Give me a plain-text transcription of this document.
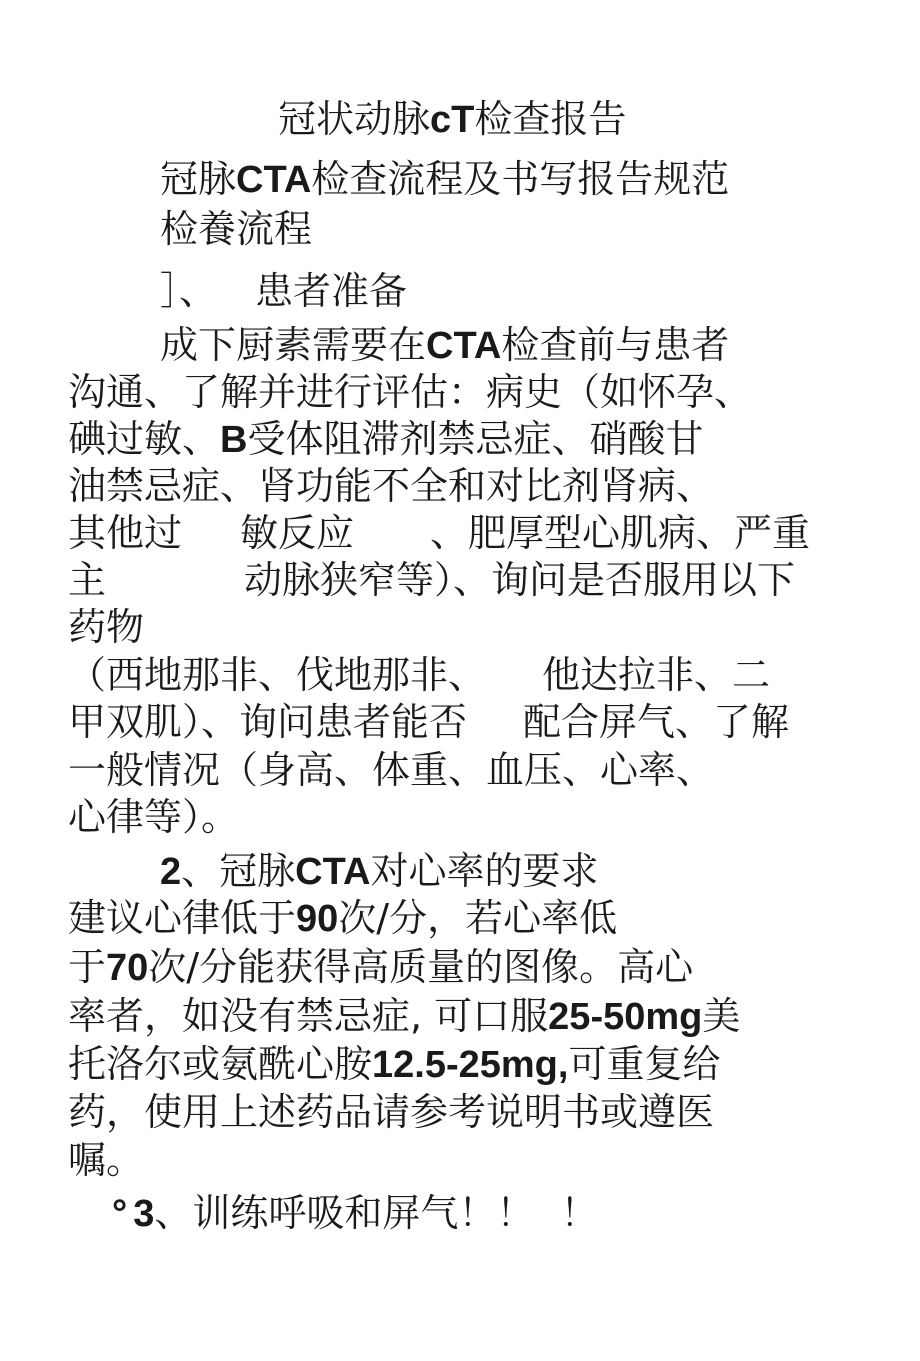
冠状动脉cT检查报告
冠脉CTA检查流程及书写报告规范
检養流程
］、 患者准备
成下厨素需要在CTA检查前与患者
沟通、了解并进行评估：病史（如怀孕、
碘过敏、B受体阻滞剂禁忌症、硝酸甘
油禁忌症、肾功能不全和对比剂肾病、
其他过 敏反应 、肥厚型心肌病、严重
主	动脉狭窄等）、询问是否服用以下
药物
（西地那非、伐地那非、 他达拉非、二
甲双肌）、询问患者能否 配合屏气、了解
一般情况（身高、体重、血压、心率、
心律等）。
2、冠脉CTA对心率的要求
建议心律低于90次/分，若心率低
于70次/分能获得高质量的图像。高心
率者，如没有禁忌症, 可口服25-50mg美
托洛尔或氨酰心胺12.5-25mg,可重复给
药，使用上述药品请参考说明书或遵医
嘱。
° 3、训练呼吸和屏气！！ ！
